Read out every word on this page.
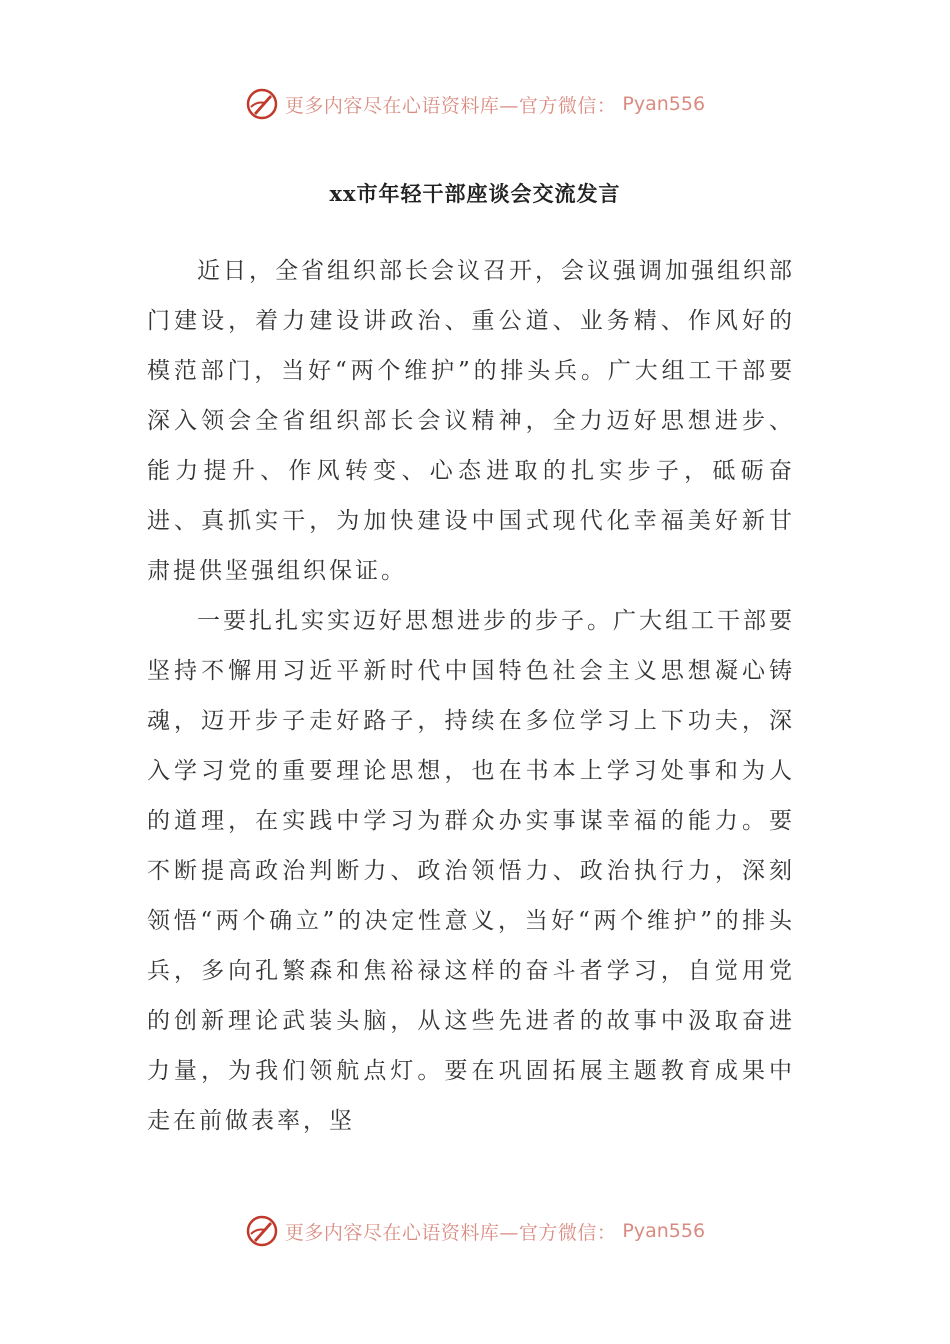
更多内容尽在心语资料库—官方微信： Pyan556
xx市年轻干部座谈会交流发言

近日，全省组织部长会议召开，会议强调加强组织部门建设，着力建设讲政治、重公道、业务精、作风好的模范部门，当好“两个维护”的排头兵。广大组工干部要深入领会全省组织部长会议精神，全力迈好思想进步、能力提升、作风转变、心态进取的扎实步子，砥砺奋进、真抓实干，为加快建设中国式现代化幸福美好新甘肃提供坚强组织保证。

一要扎扎实实迈好思想进步的步子。广大组工干部要坚持不懈用习近平新时代中国特色社会主义思想凝心铸魂，迈开步子走好路子，持续在多位学习上下功夫，深入学习党的重要理论思想，也在书本上学习处事和为人的道理，在实践中学习为群众办实事谋幸福的能力。要不断提高政治判断力、政治领悟力、政治执行力，深刻领悟“两个确立”的决定性意义，当好“两个维护”的排头兵，多向孔繁森和焦裕禄这样的奋斗者学习，自觉用党的创新理论武装头脑，从这些先进者的故事中汲取奋进力量，为我们领航点灯。要在巩固拓展主题教育成果中走在前做表率，坚

更多内容尽在心语资料库—官方微信： Pyan556
